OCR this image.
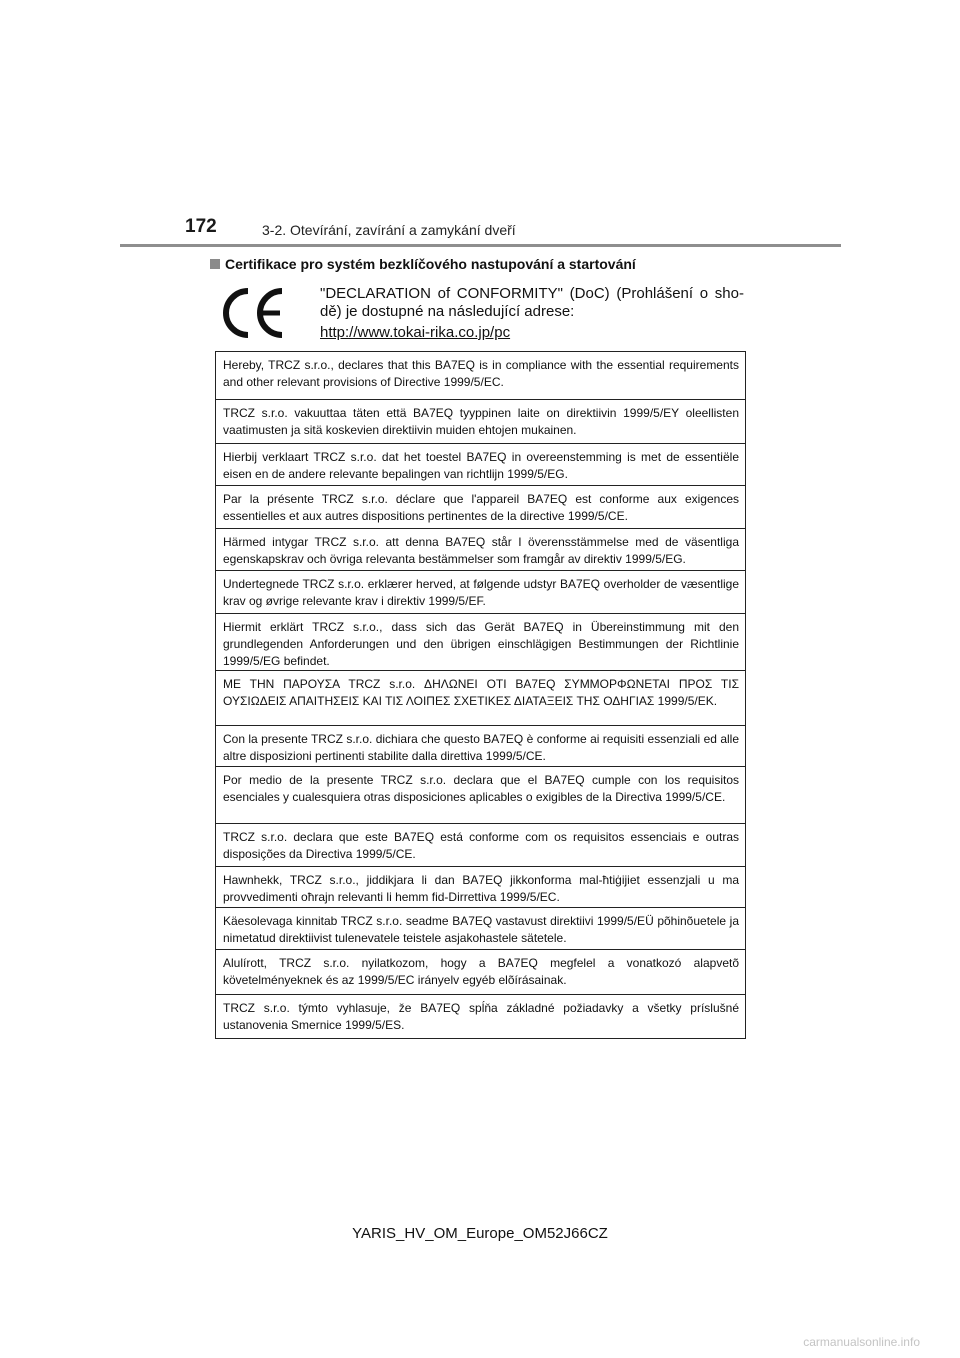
172	3-2. Otevírání, zavírání a zamykání dveří
Certifikace pro systém bezklíčového nastupování a startování
"DECLARATION of CONFORMITY" (DoC) (Prohlášení o sho-dě) je dostupné na následující adrese:
http://www.tokai-rika.co.jp/pc
Hereby, TRCZ s.r.o., declares that this BA7EQ is in compliance with the essential requirements and other relevant provisions of Directive 1999/5/EC.
TRCZ s.r.o. vakuuttaa täten että BA7EQ tyyppinen laite on direktiivin 1999/5/EY oleellisten vaatimusten ja sitä koskevien direktiivin muiden ehtojen mukainen.
Hierbij verklaart TRCZ s.r.o. dat het toestel BA7EQ in overeenstemming is met de essentiële eisen en de andere relevante bepalingen van richtlijn 1999/5/EG.
Par la présente TRCZ s.r.o. déclare que l'appareil BA7EQ est conforme aux exigences essentielles et aux autres dispositions pertinentes de la directive 1999/5/CE.
Härmed intygar TRCZ s.r.o. att denna BA7EQ står I överensstämmelse med de väsentliga egenskapskrav och övriga relevanta bestämmelser som framgår av direktiv 1999/5/EG.
Undertegnede TRCZ s.r.o. erklærer herved, at følgende udstyr BA7EQ overholder de væsentlige krav og øvrige relevante krav i direktiv 1999/5/EF.
Hiermit erklärt TRCZ s.r.o., dass sich das Gerät BA7EQ in Übereinstimmung mit den grundlegenden Anforderungen und den übrigen einschlägigen Bestimmungen der Richtlinie 1999/5/EG befindet.
ΜΕ ΤΗΝ ΠΑΡΟΥΣΑ TRCZ s.r.o. ΔΗΛΩΝΕΙ ΟΤΙ BA7EQ ΣΥΜΜΟΡΦΩΝΕΤΑΙ ΠΡΟΣ ΤΙΣ ΟΥΣΙΩΔΕΙΣ ΑΠΑΙΤΗΣΕΙΣ ΚΑΙ ΤΙΣ ΛΟΙΠΕΣ ΣΧΕΤΙΚΕΣ ΔΙΑΤΑΞΕΙΣ ΤΗΣ ΟΔΗΓΙΑΣ 1999/5/ΕΚ.
Con la presente TRCZ s.r.o. dichiara che questo BA7EQ è conforme ai requisiti essenziali ed alle altre disposizioni pertinenti stabilite dalla direttiva 1999/5/CE.
Por medio de la presente TRCZ s.r.o. declara que el BA7EQ cumple con los requisitos esenciales y cualesquiera otras disposiciones aplicables o exigibles de la Directiva 1999/5/CE.
TRCZ s.r.o. declara que este BA7EQ está conforme com os requisitos essenciais e outras disposições da Directiva 1999/5/CE.
Hawnhekk, TRCZ s.r.o., jiddikjara li dan BA7EQ jikkonforma mal-ħtiġijiet essenzjali u ma provvedimenti oħrajn relevanti li hemm fid-Dirrettiva 1999/5/EC.
Käesolevaga kinnitab TRCZ s.r.o. seadme BA7EQ vastavust direktiivi 1999/5/EÜ põhinõuetele ja nimetatud direktiivist tulenevatele teistele asjakohastele sätetele.
Alulírott, TRCZ s.r.o. nyilatkozom, hogy a BA7EQ megfelel a vonatkozó alapvetõ követelményeknek és az 1999/5/EC irányelv egyéb elõírásainak.
TRCZ s.r.o. týmto vyhlasuje, že BA7EQ spĺňa základné požiadavky a všetky príslušné ustanovenia Smernice 1999/5/ES.
YARIS_HV_OM_Europe_OM52J66CZ
carmanualsonline.info
